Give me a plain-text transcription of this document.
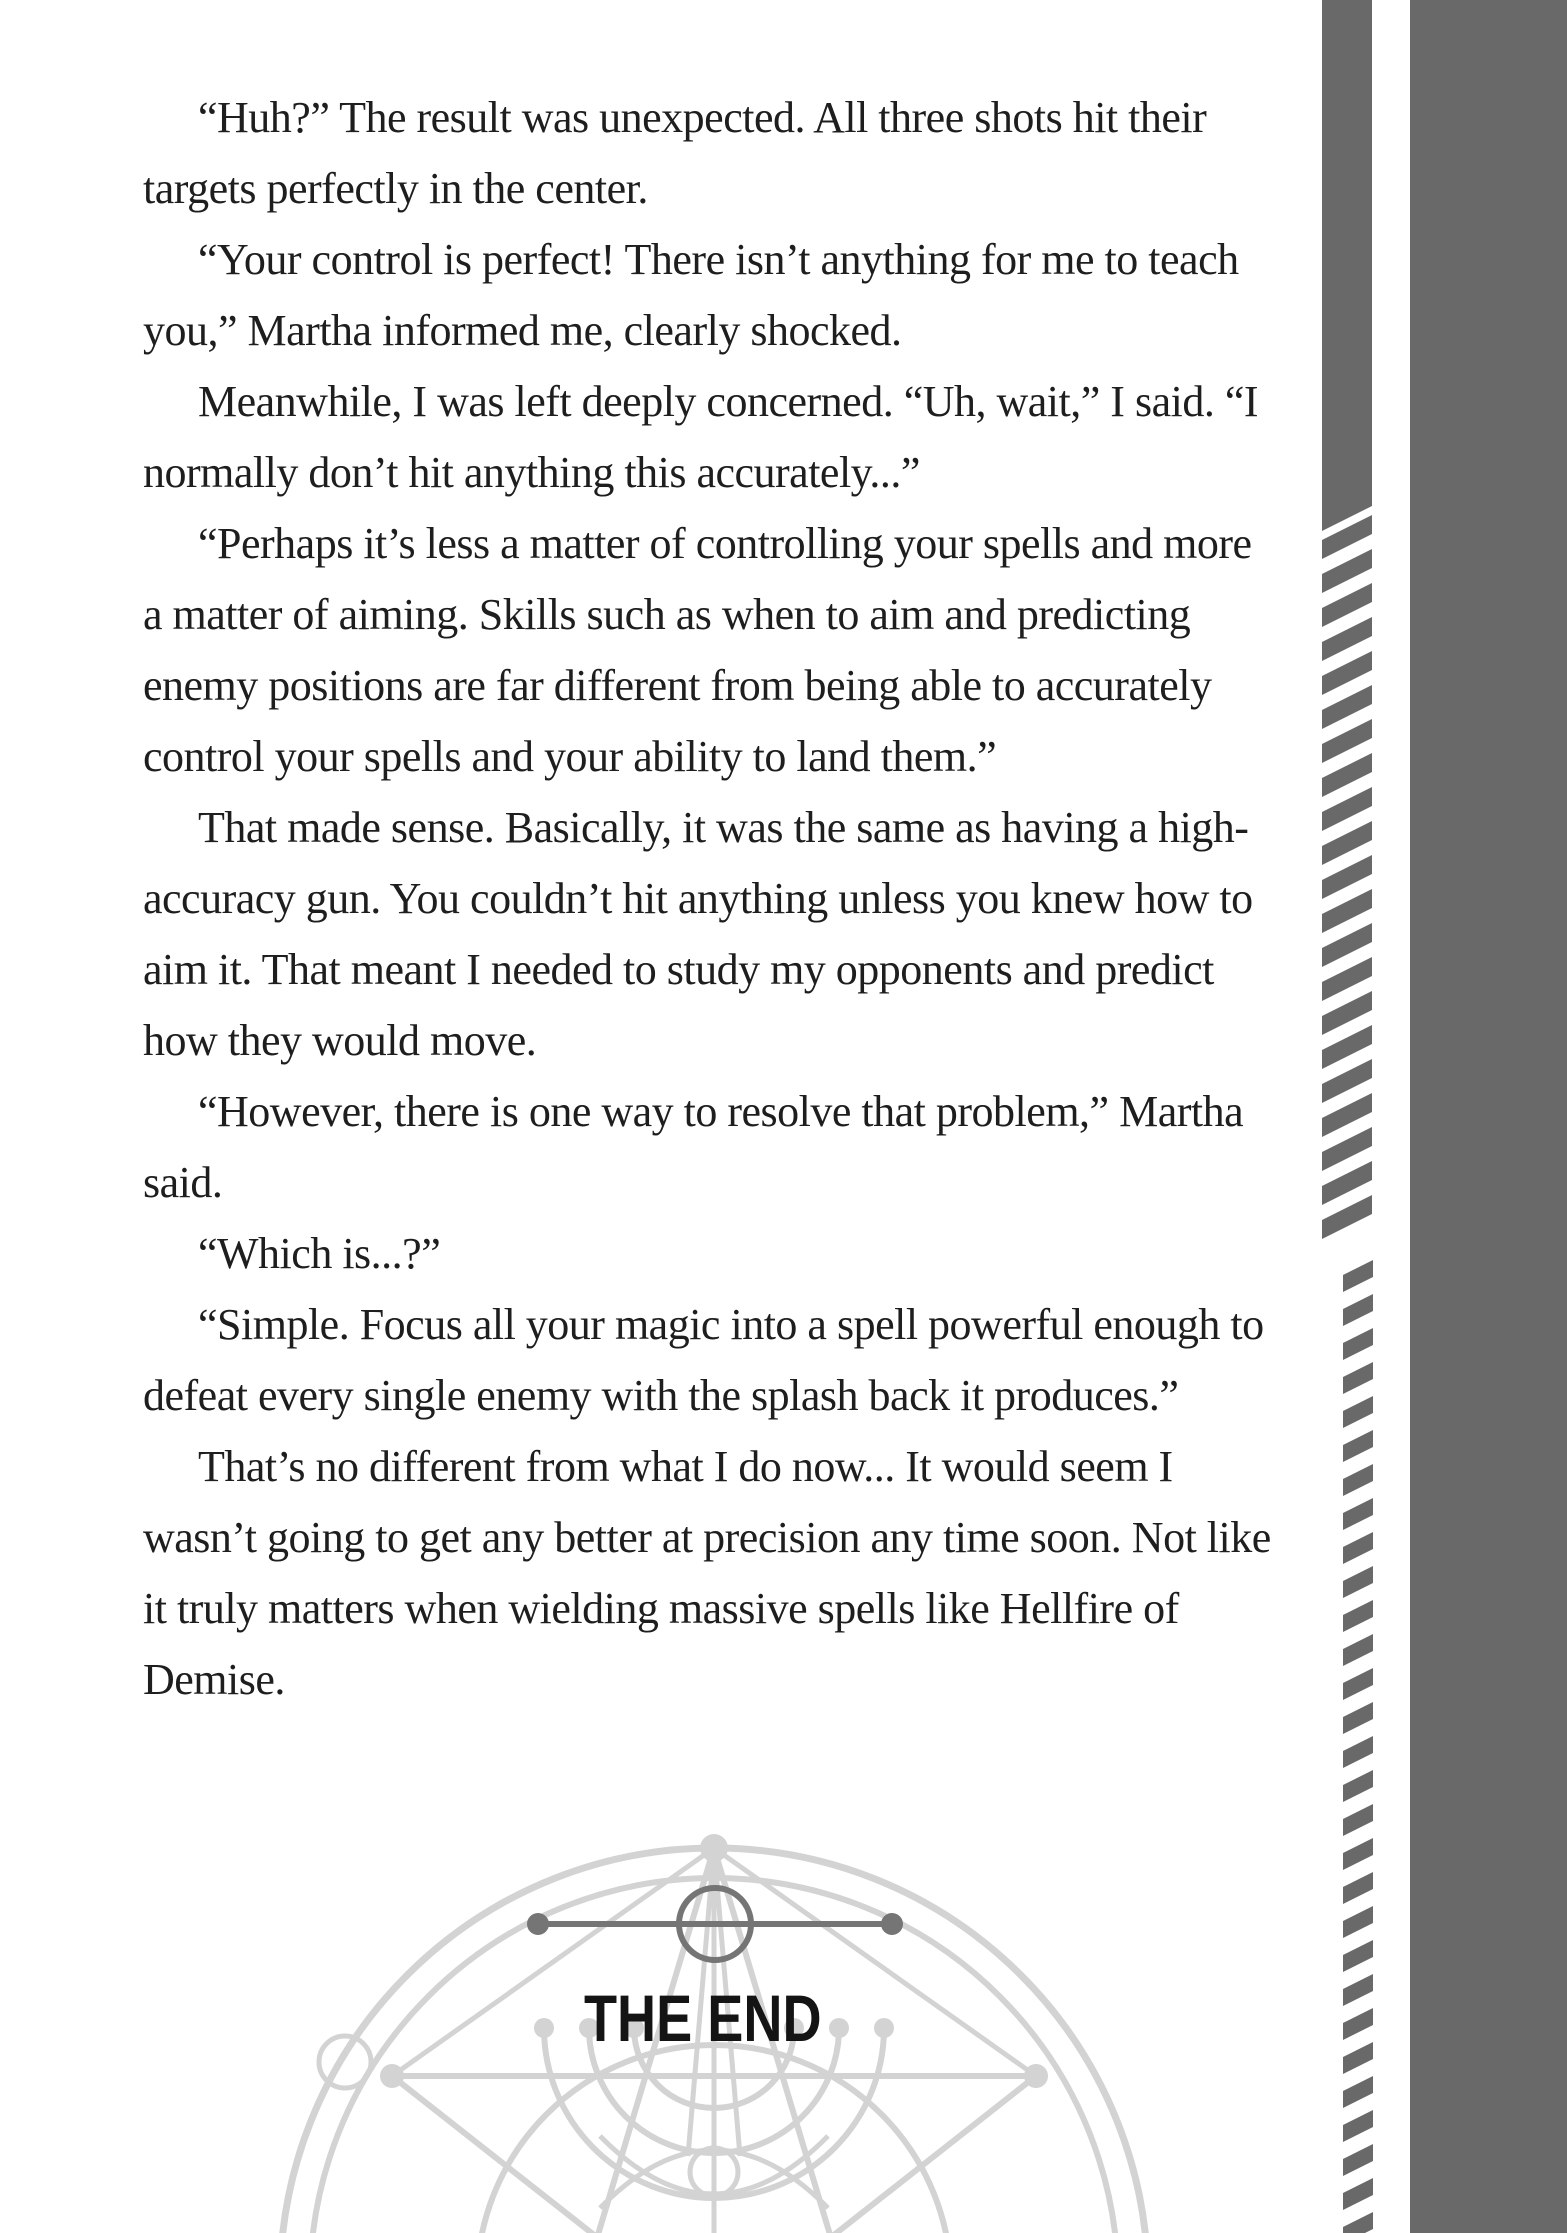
“Huh?” The result was unexpected. All three shots hit their targets perfectly in the center.

“Your control is perfect! There isn’t anything for me to teach you,” Martha informed me, clearly shocked.

Meanwhile, I was left deeply concerned. “Uh, wait,” I said. “I normally don’t hit anything this accurately...”

“Perhaps it’s less a matter of controlling your spells and more a matter of aiming. Skills such as when to aim and predicting enemy positions are far different from being able to accurately control your spells and your ability to land them.”

That made sense. Basically, it was the same as having a high-accuracy gun. You couldn’t hit anything unless you knew how to aim it. That meant I needed to study my opponents and predict how they would move.

“However, there is one way to resolve that problem,” Martha said.

“Which is...?”

“Simple. Focus all your magic into a spell powerful enough to defeat every single enemy with the splash back it produces.”

That’s no different from what I do now... It would seem I wasn’t going to get any better at precision any time soon. Not like it truly matters when wielding massive spells like Hellfire of Demise.

THE END
